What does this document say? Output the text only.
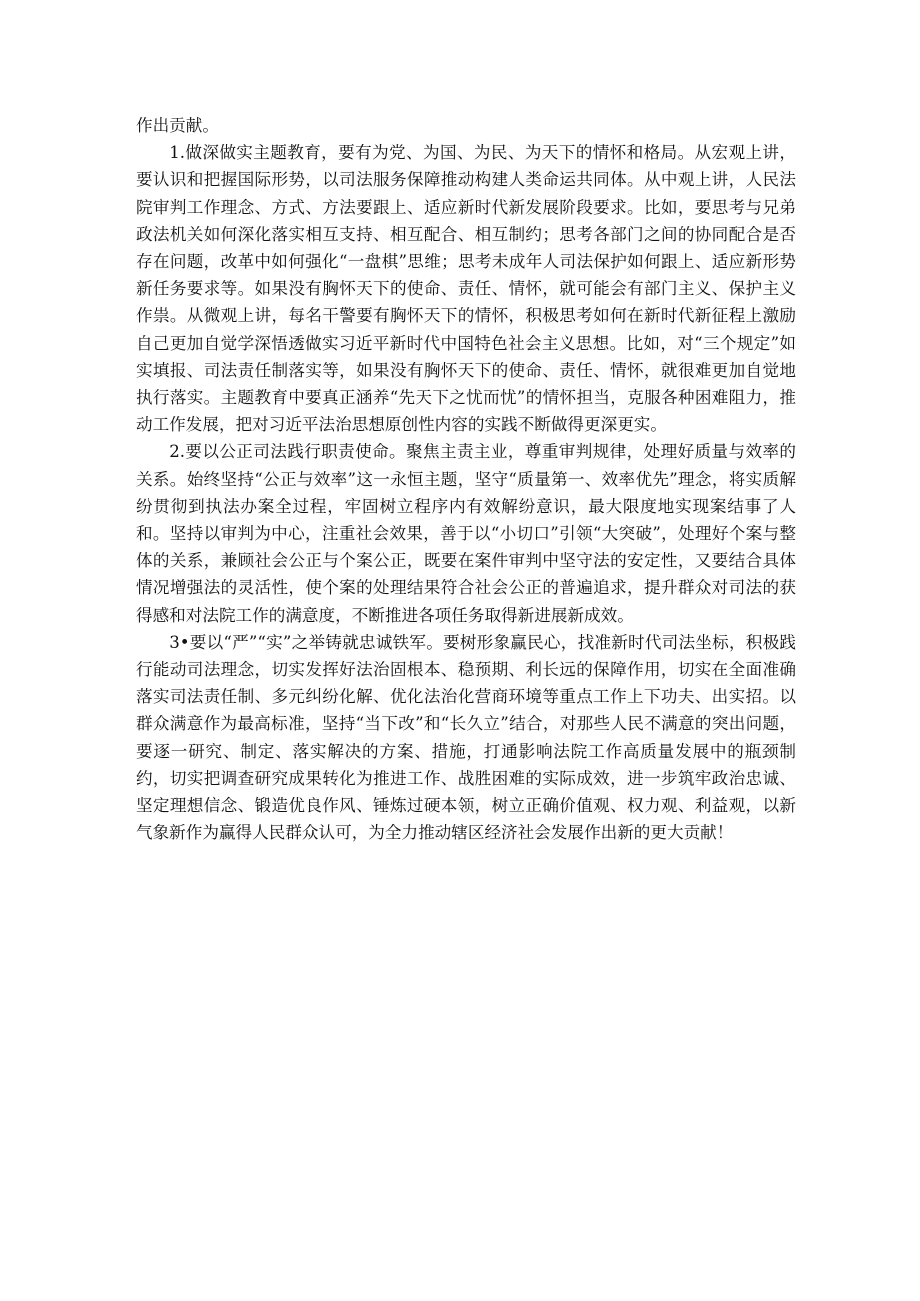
作出贡献。

1.做深做实主题教育，要有为党、为国、为民、为天下的情怀和格局。从宏观上讲，要认识和把握国际形势，以司法服务保障推动构建人类命运共同体。从中观上讲，人民法院审判工作理念、方式、方法要跟上、适应新时代新发展阶段要求。比如，要思考与兄弟政法机关如何深化落实相互支持、相互配合、相互制约；思考各部门之间的协同配合是否存在问题，改革中如何强化“一盘棋”思维；思考未成年人司法保护如何跟上、适应新形势新任务要求等。如果没有胸怀天下的使命、责任、情怀，就可能会有部门主义、保护主义作祟。从微观上讲，每名干警要有胸怀天下的情怀，积极思考如何在新时代新征程上激励自己更加自觉学深悟透做实习近平新时代中国特色社会主义思想。比如，对“三个规定”如实填报、司法责任制落实等，如果没有胸怀天下的使命、责任、情怀，就很难更加自觉地执行落实。主题教育中要真正涵养“先天下之忧而忧”的情怀担当，克服各种困难阻力，推动工作发展，把对习近平法治思想原创性内容的实践不断做得更深更实。

2.要以公正司法践行职责使命。聚焦主责主业，尊重审判规律，处理好质量与效率的关系。始终坚持“公正与效率”这一永恒主题，坚守“质量第一、效率优先”理念，将实质解纷贯彻到执法办案全过程，牢固树立程序内有效解纷意识，最大限度地实现案结事了人和。坚持以审判为中心，注重社会效果，善于以“小切口”引领“大突破”，处理好个案与整体的关系，兼顾社会公正与个案公正，既要在案件审判中坚守法的安定性，又要结合具体情况增强法的灵活性，使个案的处理结果符合社会公正的普遍追求，提升群众对司法的获得感和对法院工作的满意度，不断推进各项任务取得新进展新成效。

3•要以“严”“实”之举铸就忠诚铁军。要树形象赢民心，找准新时代司法坐标，积极践行能动司法理念，切实发挥好法治固根本、稳预期、利长远的保障作用，切实在全面准确落实司法责任制、多元纠纷化解、优化法治化营商环境等重点工作上下功夫、出实招。以群众满意作为最高标准，坚持“当下改”和“长久立”结合，对那些人民不满意的突出问题，要逐一研究、制定、落实解决的方案、措施，打通影响法院工作高质量发展中的瓶颈制约，切实把调查研究成果转化为推进工作、战胜困难的实际成效，进一步筑牢政治忠诚、坚定理想信念、锻造优良作风、锤炼过硬本领，树立正确价值观、权力观、利益观，以新气象新作为赢得人民群众认可，为全力推动辖区经济社会发展作出新的更大贡献！
